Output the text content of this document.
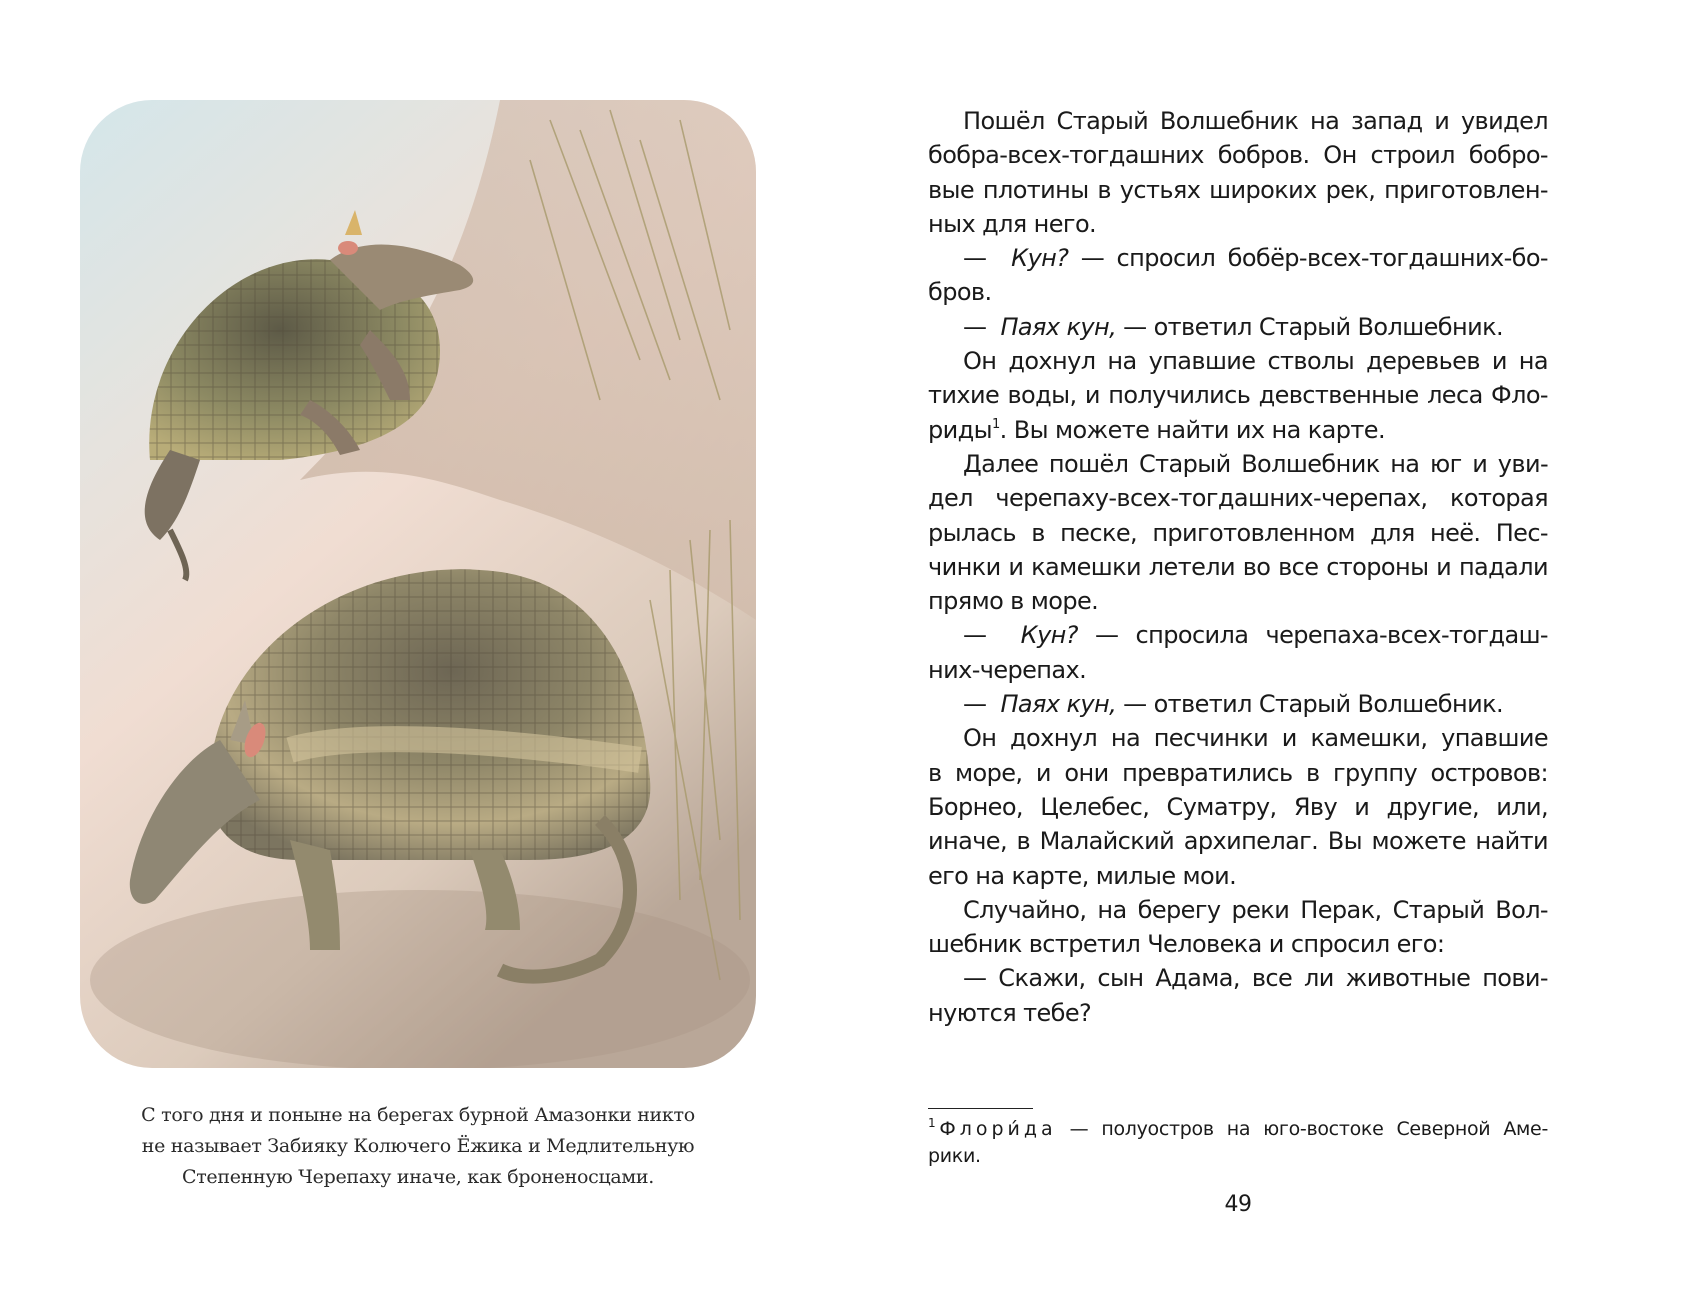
С того дня и поныне на берегах бурной Амазонки никто
не называет Забияку Колючего Ёжика и Медлительную
Степенную Черепаху иначе, как броненосцами.
Пошёл Старый Волшебник на запад и увидел
бобра-всех-тогдашних бобров. Он строил бобро-
вые плотины в устьях широких рек, приготовлен-
ных для него.
— Кун? — спросил бобёр-всех-тогдашних-бо-
бров.
— Паях кун, — ответил Старый Волшебник.
Он дохнул на упавшие стволы деревьев и на
тихие воды, и получились девственные леса Фло-
риды$^1$. Вы можете найти их на карте.
Далее пошёл Старый Волшебник на юг и уви-
дел черепаху-всех-тогдашних-черепах, которая
рылась в песке, приготовленном для неё. Пес-
чинки и камешки летели во все стороны и падали
прямо в море.
— Кун? — спросила черепаха-всех-тогдаш-
них-черепах.
— Паях кун, — ответил Старый Волшебник.
Он дохнул на песчинки и камешки, упавшие
в море, и они превратились в группу островов:
Борнео, Целебес, Суматру, Яву и другие, или,
иначе, в Малайский архипелаг. Вы можете найти
его на карте, милые мои.
Случайно, на берегу реки Перак, Старый Вол-
шебник встретил Человека и спросил его:
— Скажи, сын Адама, все ли животные пови-
нуются тебе?
$^1$ Флори́да — полуостров на юго-востоке Северной Аме-
рики.
49
